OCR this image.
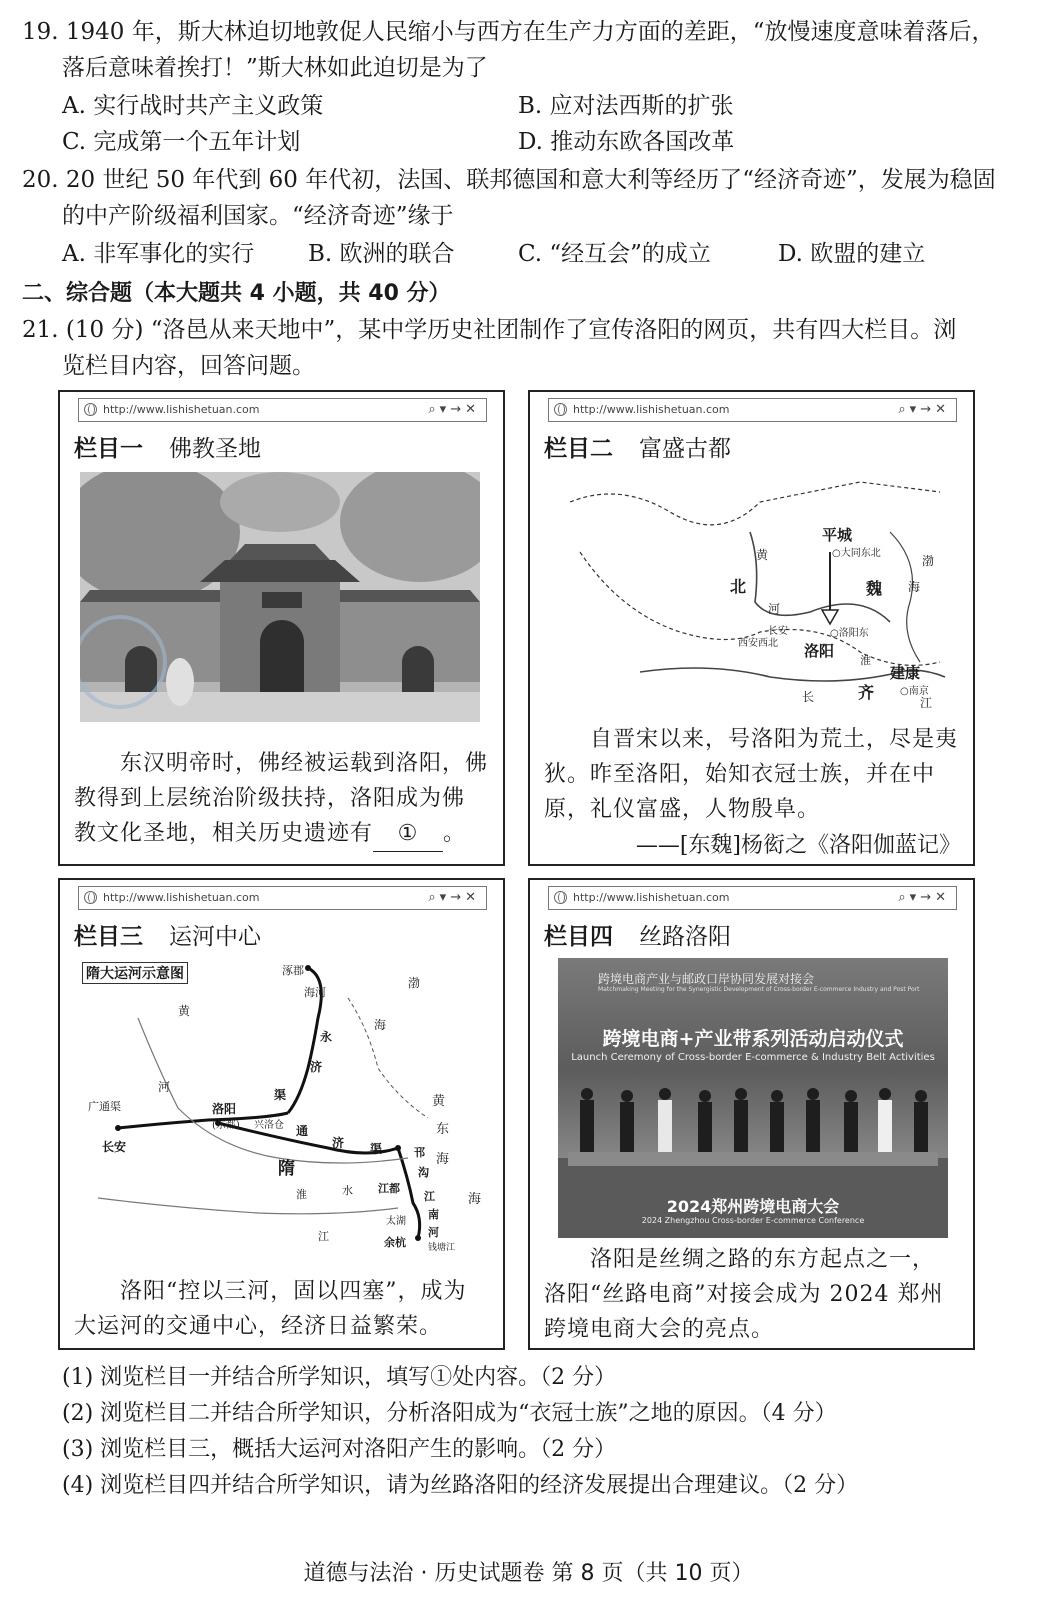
19. 1940 年，斯大林迫切地敦促人民缩小与西方在生产力方面的差距，“放慢速度意味着落后，
落后意味着挨打！”斯大林如此迫切是为了
A. 实行战时共产主义政策	B. 应对法西斯的扩张
C. 完成第一个五年计划	D. 推动东欧各国改革
20. 20 世纪 50 年代到 60 年代初，法国、联邦德国和意大利等经历了“经济奇迹”，发展为稳固
的中产阶级福利国家。“经济奇迹”缘于
A. 非军事化的实行 B. 欧洲的联合	C. “经互会”的成立	D. 欧盟的建立
二、综合题（本大题共 4 小题，共 40 分）
21. (10 分) “洛邑从来天地中”，某中学历史社团制作了宣传洛阳的网页，共有四大栏目。浏
览栏目内容，回答问题。
http://www.lishishetuan.com	⌕▾→✕
栏目一 佛教圣地
东汉明帝时，佛经被运载到洛阳，佛
教得到上层统治阶级扶持，洛阳成为佛
教文化圣地，相关历史遗迹有 ① 。
http://www.lishishetuan.com	⌕▾→✕
栏目二 富盛古都
平城
○大同东北
黄
北	魏
渤
海
河
长安
西安西北
○洛阳东
洛阳
淮
齐
建康
○南京
长	江
自晋宋以来，号洛阳为荒土，尽是夷
狄。昨至洛阳，始知衣冠士族，并在中
原，礼仪富盛，人物殷阜。
——[东魏]杨衒之《洛阳伽蓝记》
http://www.lishishetuan.com	⌕▾→✕
栏目三 运河中心
隋大运河示意图	涿郡
海河
渤
海
黄
永
济
渠
河
黄
东
海
广通渠	洛阳
(东都) 兴洛仓
长安
通
济 渠
隋
淮	水
邗
江都
沟
江
南
河
太湖
余杭 钱塘江
江
海
洛阳“控以三河，固以四塞”，成为
大运河的交通中心，经济日益繁荣。
http://www.lishishetuan.com	⌕▾→✕
栏目四 丝路洛阳
跨境电商产业与邮政口岸协同发展对接会
Matchmaking Meeting for the Synergistic Development of Cross-border E-commerce Industry and Post Port
跨境电商+产业带系列活动启动仪式
Launch Ceremony of Cross-border E-commerce & Industry Belt Activities
2024郑州跨境电商大会
2024 Zhengzhou Cross-border E-commerce Conference
洛阳是丝绸之路的东方起点之一，
洛阳“丝路电商”对接会成为 2024 郑州
跨境电商大会的亮点。
(1) 浏览栏目一并结合所学知识，填写①处内容。（2 分）
(2) 浏览栏目二并结合所学知识，分析洛阳成为“衣冠士族”之地的原因。（4 分）
(3) 浏览栏目三，概括大运河对洛阳产生的影响。（2 分）
(4) 浏览栏目四并结合所学知识，请为丝路洛阳的经济发展提出合理建议。（2 分）
道德与法治 · 历史试题卷 第 8 页（共 10 页）
